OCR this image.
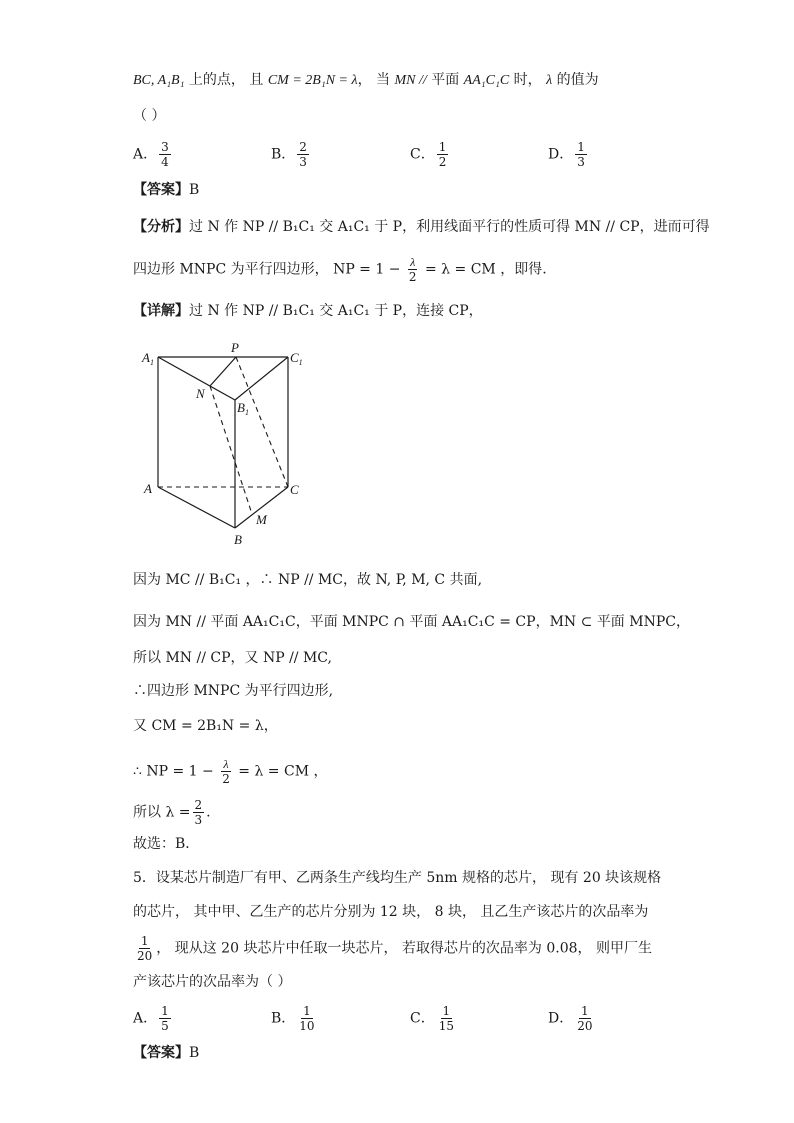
BC, A₁B₁ 上的点， 且 CM = 2B₁N = λ， 当 MN // 平面 AA₁C₁C 时， λ 的值为
（ ）
A． $\frac{3}{4}$	B． $\frac{2}{3}$	C． $\frac{1}{2}$	D． $\frac{1}{3}$
【答案】B
【分析】过 N 作 NP // B₁C₁ 交 A₁C₁ 于 P，利用线面平行的性质可得 MN // CP，进而可得
四边形 MNPC 为平行四边形， NP = $1 - \frac{\lambda}{2} = \lambda$ = CM ，即得.
【详解】过 N 作 NP // B₁C₁ 交 A₁C₁ 于 P，连接 CP，
$A_1$
P
$C_1$
N
$B_1$
A	C
M
B
因为 MC // B₁C₁ ，∴ NP // MC，故 N, P, M, C 共面,
因为 MN // 平面 AA₁C₁C，平面 MNPC ∩ 平面 AA₁C₁C = CP，MN ⊂ 平面 MNPC，
所以 MN // CP，又 NP // MC,
∴四边形 MNPC 为平行四边形,
又 CM = 2B₁N = λ，
∴ NP = $1 - \frac{\lambda}{2} = \lambda$ = CM ，
所以 $\lambda = \frac{2}{3}$ .
故选：B．
5．设某芯片制造厂有甲、乙两条生产线均生产 5nm 规格的芯片， 现有 20 块该规格
的芯片， 其中甲、乙生产的芯片分别为 12 块， 8 块， 且乙生产该芯片的次品率为
$\frac{1}{20}$ ， 现从这 20 块芯片中任取一块芯片， 若取得芯片的次品率为 0.08， 则甲厂生
产该芯片的次品率为（ ）
A． $\frac{1}{5}$	B． $\frac{1}{10}$	C． $\frac{1}{15}$	D． $\frac{1}{20}$
【答案】B
